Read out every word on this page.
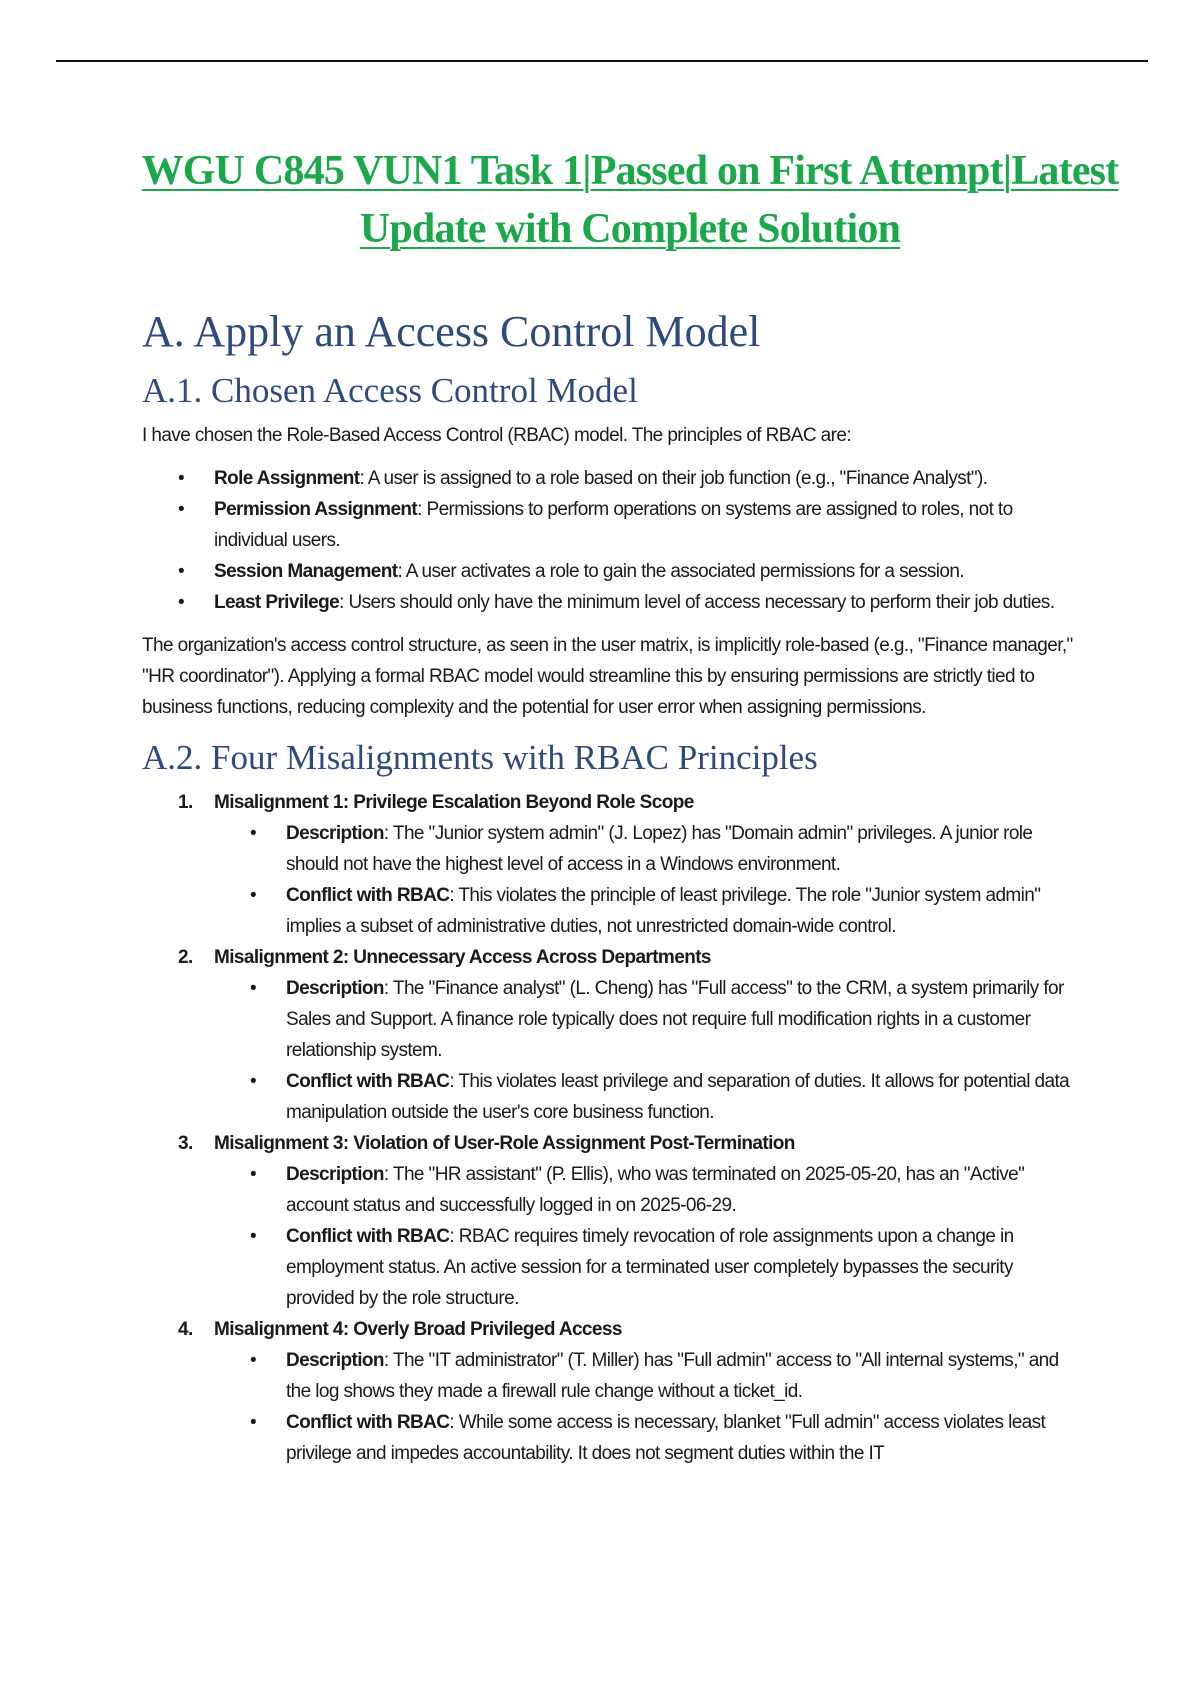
WGU C845 VUN1 Task 1|Passed on First Attempt|Latest Update with Complete Solution
A. Apply an Access Control Model
A.1. Chosen Access Control Model

I have chosen the Role-Based Access Control (RBAC) model. The principles of RBAC are:

• Role Assignment: A user is assigned to a role based on their job function (e.g., "Finance Analyst").
• Permission Assignment: Permissions to perform operations on systems are assigned to roles, not to individual users.
• Session Management: A user activates a role to gain the associated permissions for a session.
• Least Privilege: Users should only have the minimum level of access necessary to perform their job duties.

The organization's access control structure, as seen in the user matrix, is implicitly role-based (e.g., "Finance manager," "HR coordinator"). Applying a formal RBAC model would streamline this by ensuring permissions are strictly tied to business functions, reducing complexity and the potential for user error when assigning permissions.

A.2. Four Misalignments with RBAC Principles
1. Misalignment 1: Privilege Escalation Beyond Role Scope
• Description: The "Junior system admin" (J. Lopez) has "Domain admin" privileges. A junior role should not have the highest level of access in a Windows environment.
• Conflict with RBAC: This violates the principle of least privilege. The role "Junior system admin" implies a subset of administrative duties, not unrestricted domain-wide control.
2. Misalignment 2: Unnecessary Access Across Departments
• Description: The "Finance analyst" (L. Cheng) has "Full access" to the CRM, a system primarily for Sales and Support. A finance role typically does not require full modification rights in a customer relationship system.
• Conflict with RBAC: This violates least privilege and separation of duties. It allows for potential data manipulation outside the user's core business function.
3. Misalignment 3: Violation of User-Role Assignment Post-Termination
• Description: The "HR assistant" (P. Ellis), who was terminated on 2025-05-20, has an "Active" account status and successfully logged in on 2025-06-29.
• Conflict with RBAC: RBAC requires timely revocation of role assignments upon a change in employment status. An active session for a terminated user completely bypasses the security provided by the role structure.
4. Misalignment 4: Overly Broad Privileged Access
• Description: The "IT administrator" (T. Miller) has "Full admin" access to "All internal systems," and the log shows they made a firewall rule change without a ticket_id.
• Conflict with RBAC: While some access is necessary, blanket "Full admin" access violates least privilege and impedes accountability. It does not segment duties within the IT
